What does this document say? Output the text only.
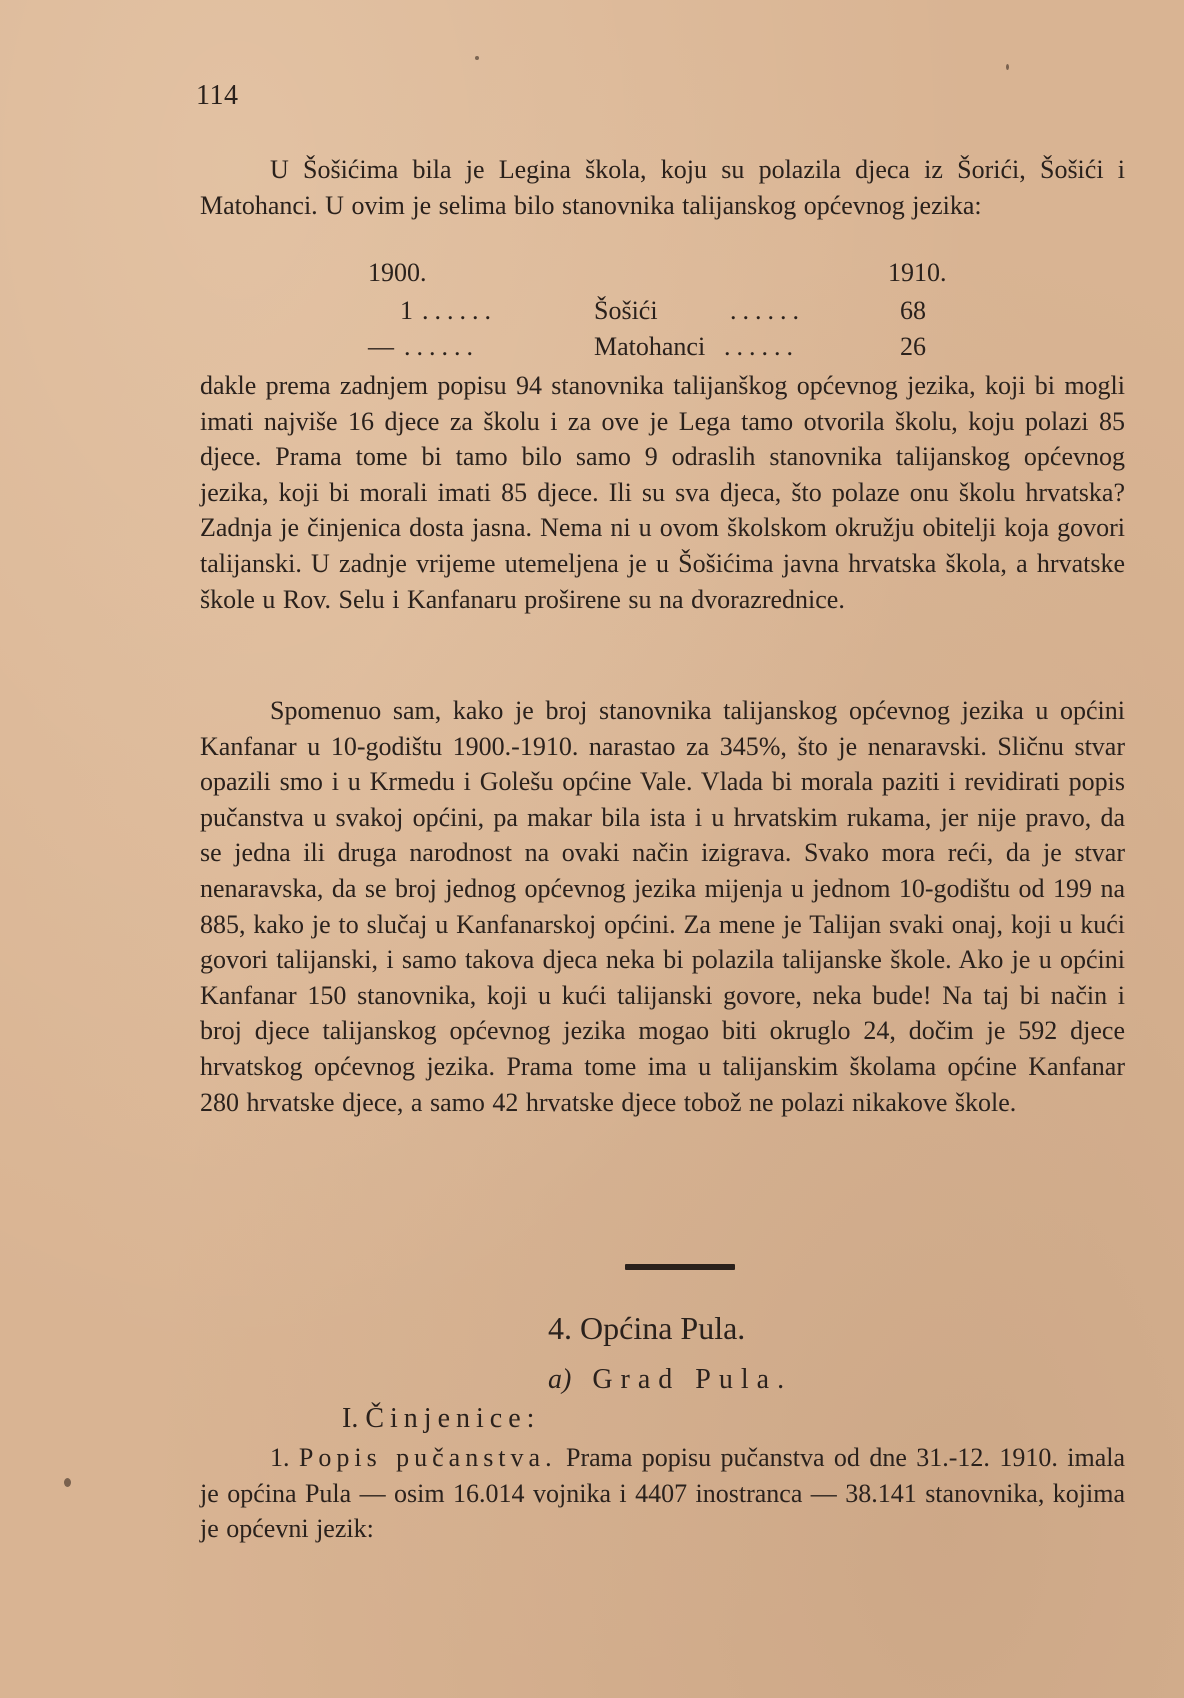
114

U Šošićima bila je Legina škola, koju su polazila djeca iz Šorići, Šošići i Matohanci. U ovim je selima bilo stanovnika talijanskog općevnog jezika:

1900.	1910.
1 ......	Šošići	......	68
— ......	Matohanci ......	26

dakle prema zadnjem popisu 94 stanovnika talijanškog općevnog jezika, koji bi mogli imati najviše 16 djece za školu i za ove je Lega tamo otvorila školu, koju polazi 85 djece. Prama tome bi tamo bilo samo 9 odraslih stanovnika talijanskog općevnog jezika, koji bi morali imati 85 djece. Ili su sva djeca, što polaze onu školu hrvatska? Zadnja je činjenica dosta jasna. Nema ni u ovom školskom okružju obitelji koja govori talijanski. U zadnje vrijeme utemeljena je u Šošićima javna hrvatska škola, a hrvatske škole u Rov. Selu i Kanfanaru proširene su na dvorazrednice.

Spomenuo sam, kako je broj stanovnika talijanskog općevnog jezika u općini Kanfanar u 10-godištu 1900.-1910. narastao za 345%, što je nenaravski. Sličnu stvar opazili smo i u Krmedu i Golešu općine Vale. Vlada bi morala paziti i revidirati popis pučanstva u svakoj općini, pa makar bila ista i u hrvatskim rukama, jer nije pravo, da se jedna ili druga narodnost na ovaki način izigrava. Svako mora reći, da je stvar nenaravska, da se broj jednog općevnog jezika mijenja u jednom 10-godištu od 199 na 885, kako je to slučaj u Kanfanarskoj općini. Za mene je Talijan svaki onaj, koji u kući govori talijanski, i samo takova djeca neka bi polazila talijanske škole. Ako je u općini Kanfanar 150 stanovnika, koji u kući talijanski govore, neka bude! Na taj bi način i broj djece talijanskog općevnog jezika mogao biti okruglo 24, dočim je 592 djece hrvatskog općevnog jezika. Prama tome ima u talijanskim školama općine Kanfanar 280 hrvatske djece, a samo 42 hrvatske djece tobož ne polazi nikakove škole.

4. Općina Pula.
a) Grad Pula.
I. Činjenice:

1. Popis pučanstva. Prama popisu pučanstva od dne 31.-12. 1910. imala je općina Pula — osim 16.014 vojnika i 4407 inostranca — 38.141 stanovnika, kojima je općevni jezik:
